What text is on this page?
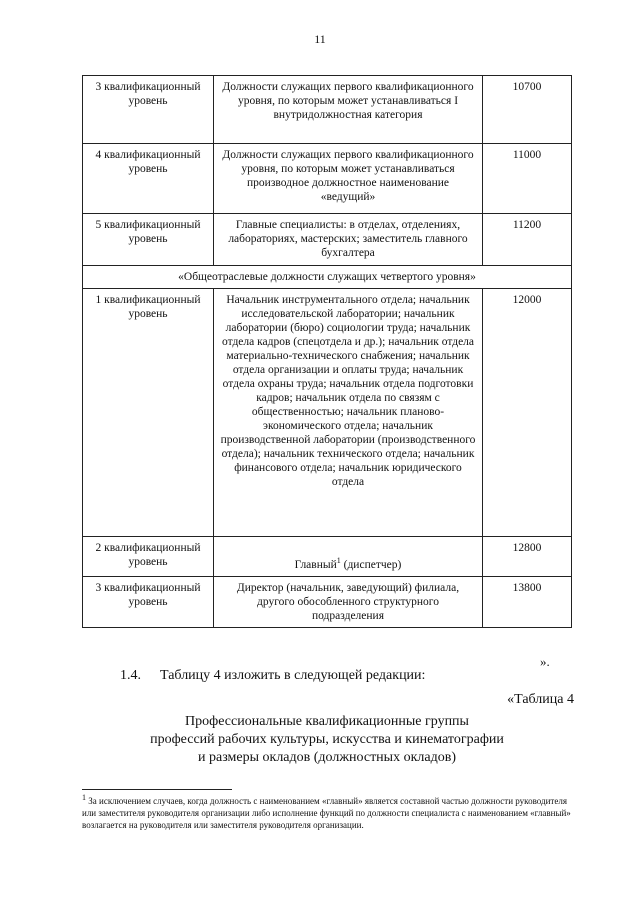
11
3 квалификационный уровень	Должности служащих первого квалификационного уровня, по которым может устанавливаться I внутридолжностная категория	10700
4 квалификационный уровень	Должности служащих первого квалификационного уровня, по которым может устанавливаться производное должностное наименование «ведущий»	11000
5 квалификационный уровень	Главные специалисты: в отделах, отделениях, лабораториях, мастерских; заместитель главного бухгалтера	11200
«Общеотраслевые должности служащих четвертого уровня»		
1 квалификационный уровень	Начальник инструментального отдела; начальник исследовательской лаборатории; начальник лаборатории (бюро) социологии труда; начальник отдела кадров (спецотдела и др.); начальник отдела материально-технического снабжения; начальник отдела организации и оплаты труда; начальник отдела охраны труда; начальник отдела подготовки кадров; начальник отдела по связям с общественностью; начальник планово-экономического отдела; начальник производственной лаборатории (производственного отдела); начальник технического отдела; начальник финансового отдела; начальник юридического отдела	12000
2 квалификационный уровень	Главный$^1$ (диспетчер)	12800
3 квалификационный уровень	Директор (начальник, заведующий) филиала, другого обособленного структурного подразделения	13800
».
1.4. Таблицу 4 изложить в следующей редакции:
«Таблица 4
Профессиональные квалификационные группы
профессий рабочих культуры, искусства и кинематографии
и размеры окладов (должностных окладов)
$^1$ За исключением случаев, когда должность с наименованием «главный» является составной частью должности руководителя или заместителя руководителя организации либо исполнение функций по должности специалиста с наименованием «главный» возлагается на руководителя или заместителя руководителя организации.
